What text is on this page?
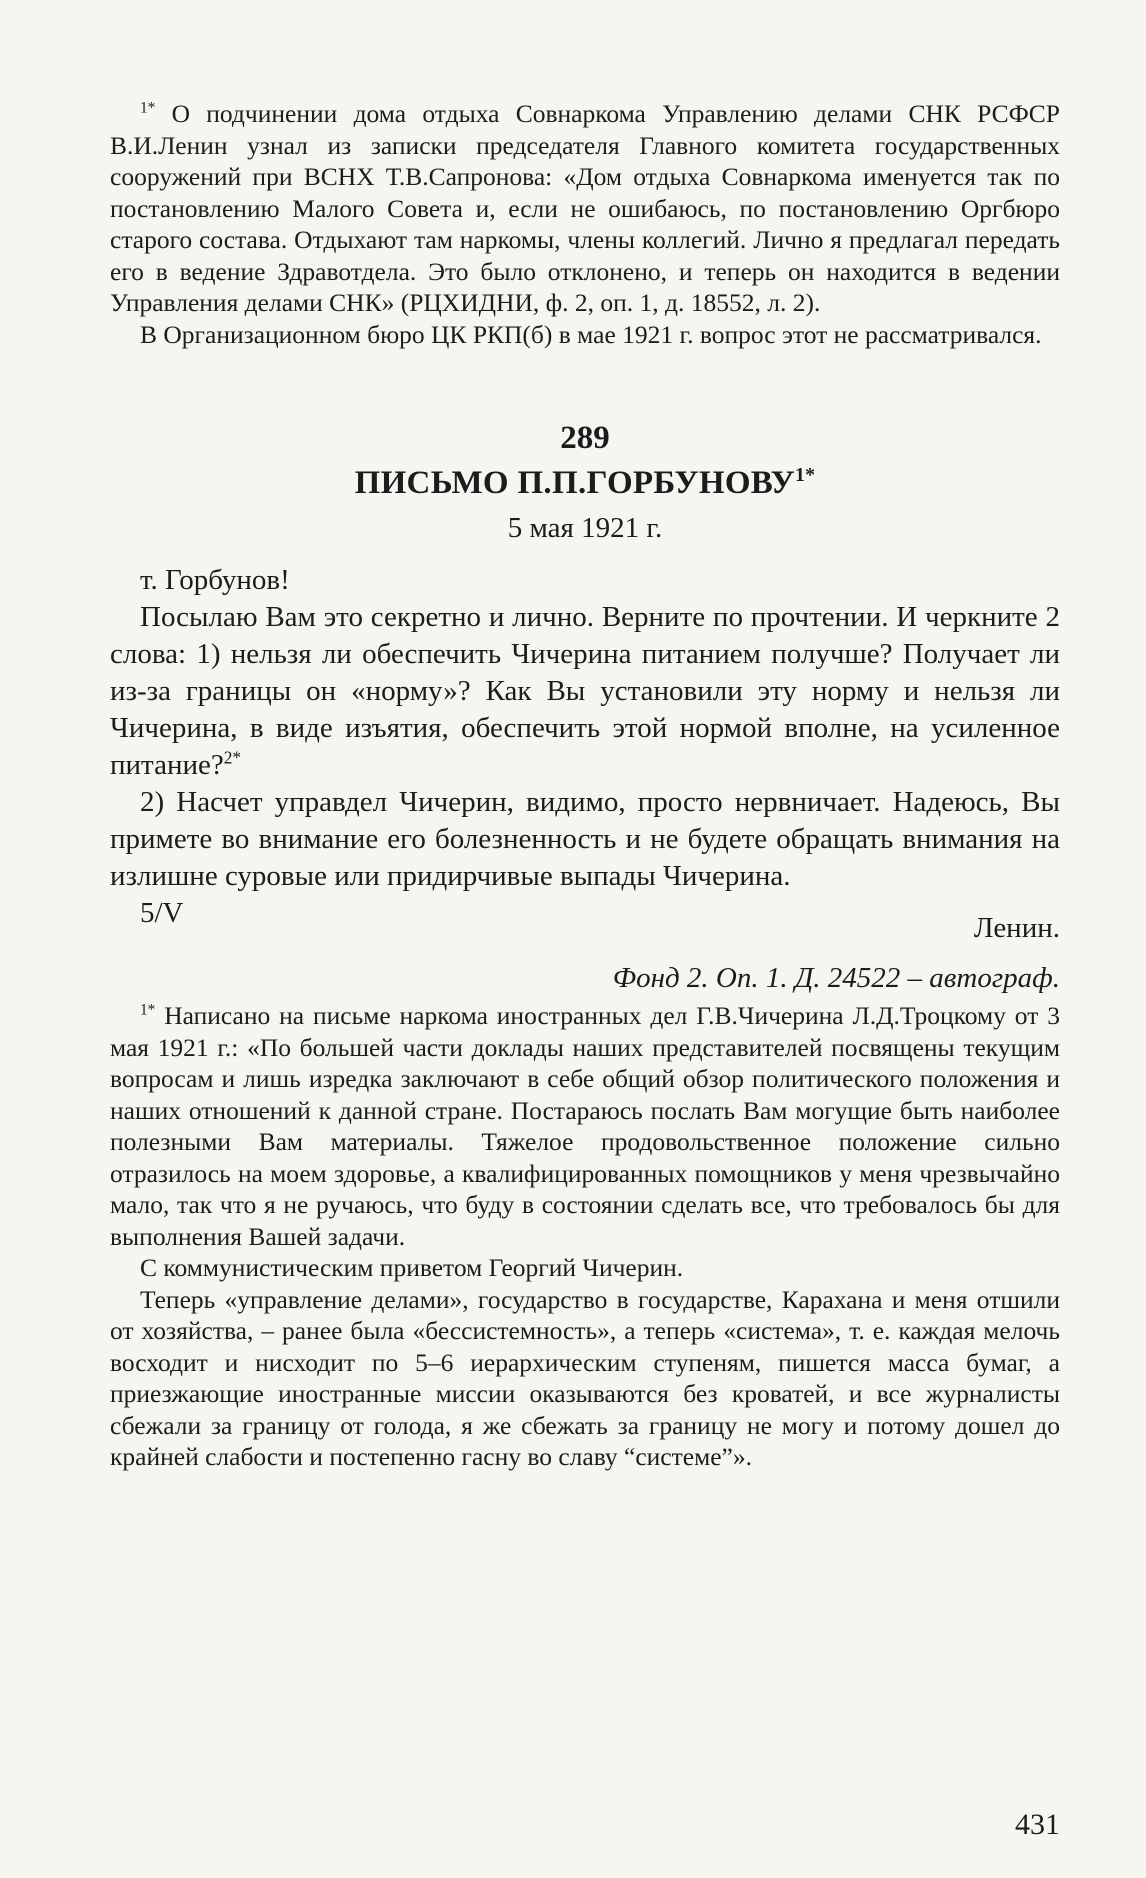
$^{1*}$ О подчинении дома отдыха Совнаркома Управлению делами СНК РСФСР В.И.Ленин узнал из записки председателя Главного комитета государственных сооружений при ВСНХ Т.В.Сапронова: «Дом отдыха Совнаркома именуется так по постановлению Малого Совета и, если не ошибаюсь, по постановлению Оргбюро старого состава. Отдыхают там наркомы, члены коллегий. Лично я предлагал передать его в ведение Здравотдела. Это было отклонено, и теперь он находится в ведении Управления делами СНК» (РЦХИДНИ, ф. 2, оп. 1, д. 18552, л. 2).

В Организационном бюро ЦК РКП(б) в мае 1921 г. вопрос этот не рассматривался.

289
ПИСЬМО $П.П.ГОРБУНОВУ^{1*}$
5 мая 1921 г.

т. Горбунов!

Посылаю Вам это секретно и лично. Верните по прочтении. И черкните 2 слова: 1) нельзя ли обеспечить Чичерина питанием получше? Получает ли из-за границы он «норму»? Как Вы установили эту норму и нельзя ли Чичерина, в виде изъятия, обеспечить этой нормой вполне, на усиленное питание?$^{2*}$

2) Насчет управдел Чичерин, видимо, просто нервничает. Надеюсь, Вы примете во внимание его болезненность и не будете обращать внимания на излишне суровые или придирчивые выпады Чичерина.

5/V	Ленин.
Фонд 2. Оп. 1. Д. 24522 – автограф.

$^{1*}$ Написано на письме наркома иностранных дел Г.В.Чичерина Л.Д.Троцкому от 3 мая 1921 г.: «По большей части доклады наших представителей посвящены текущим вопросам и лишь изредка заключают в себе общий обзор политического положения и наших отношений к данной стране. Постараюсь послать Вам могущие быть наиболее полезными Вам материалы. Тяжелое продовольственное положение сильно отразилось на моем здоровье, а квалифицированных помощников у меня чрезвычайно мало, так что я не ручаюсь, что буду в состоянии сделать все, что требовалось бы для выполнения Вашей задачи.

С коммунистическим приветом Георгий Чичерин.

Теперь «управление делами», государство в государстве, Карахана и меня отшили от хозяйства, – ранее была «бессистемность», а теперь «система», т. е. каждая мелочь восходит и нисходит по 5–6 иерархическим ступеням, пишется масса бумаг, а приезжающие иностранные миссии оказываются без кроватей, и все журналисты сбежали за границу от голода, я же сбежать за границу не могу и потому дошел до крайней слабости и постепенно гасну во славу “системе”».

431
